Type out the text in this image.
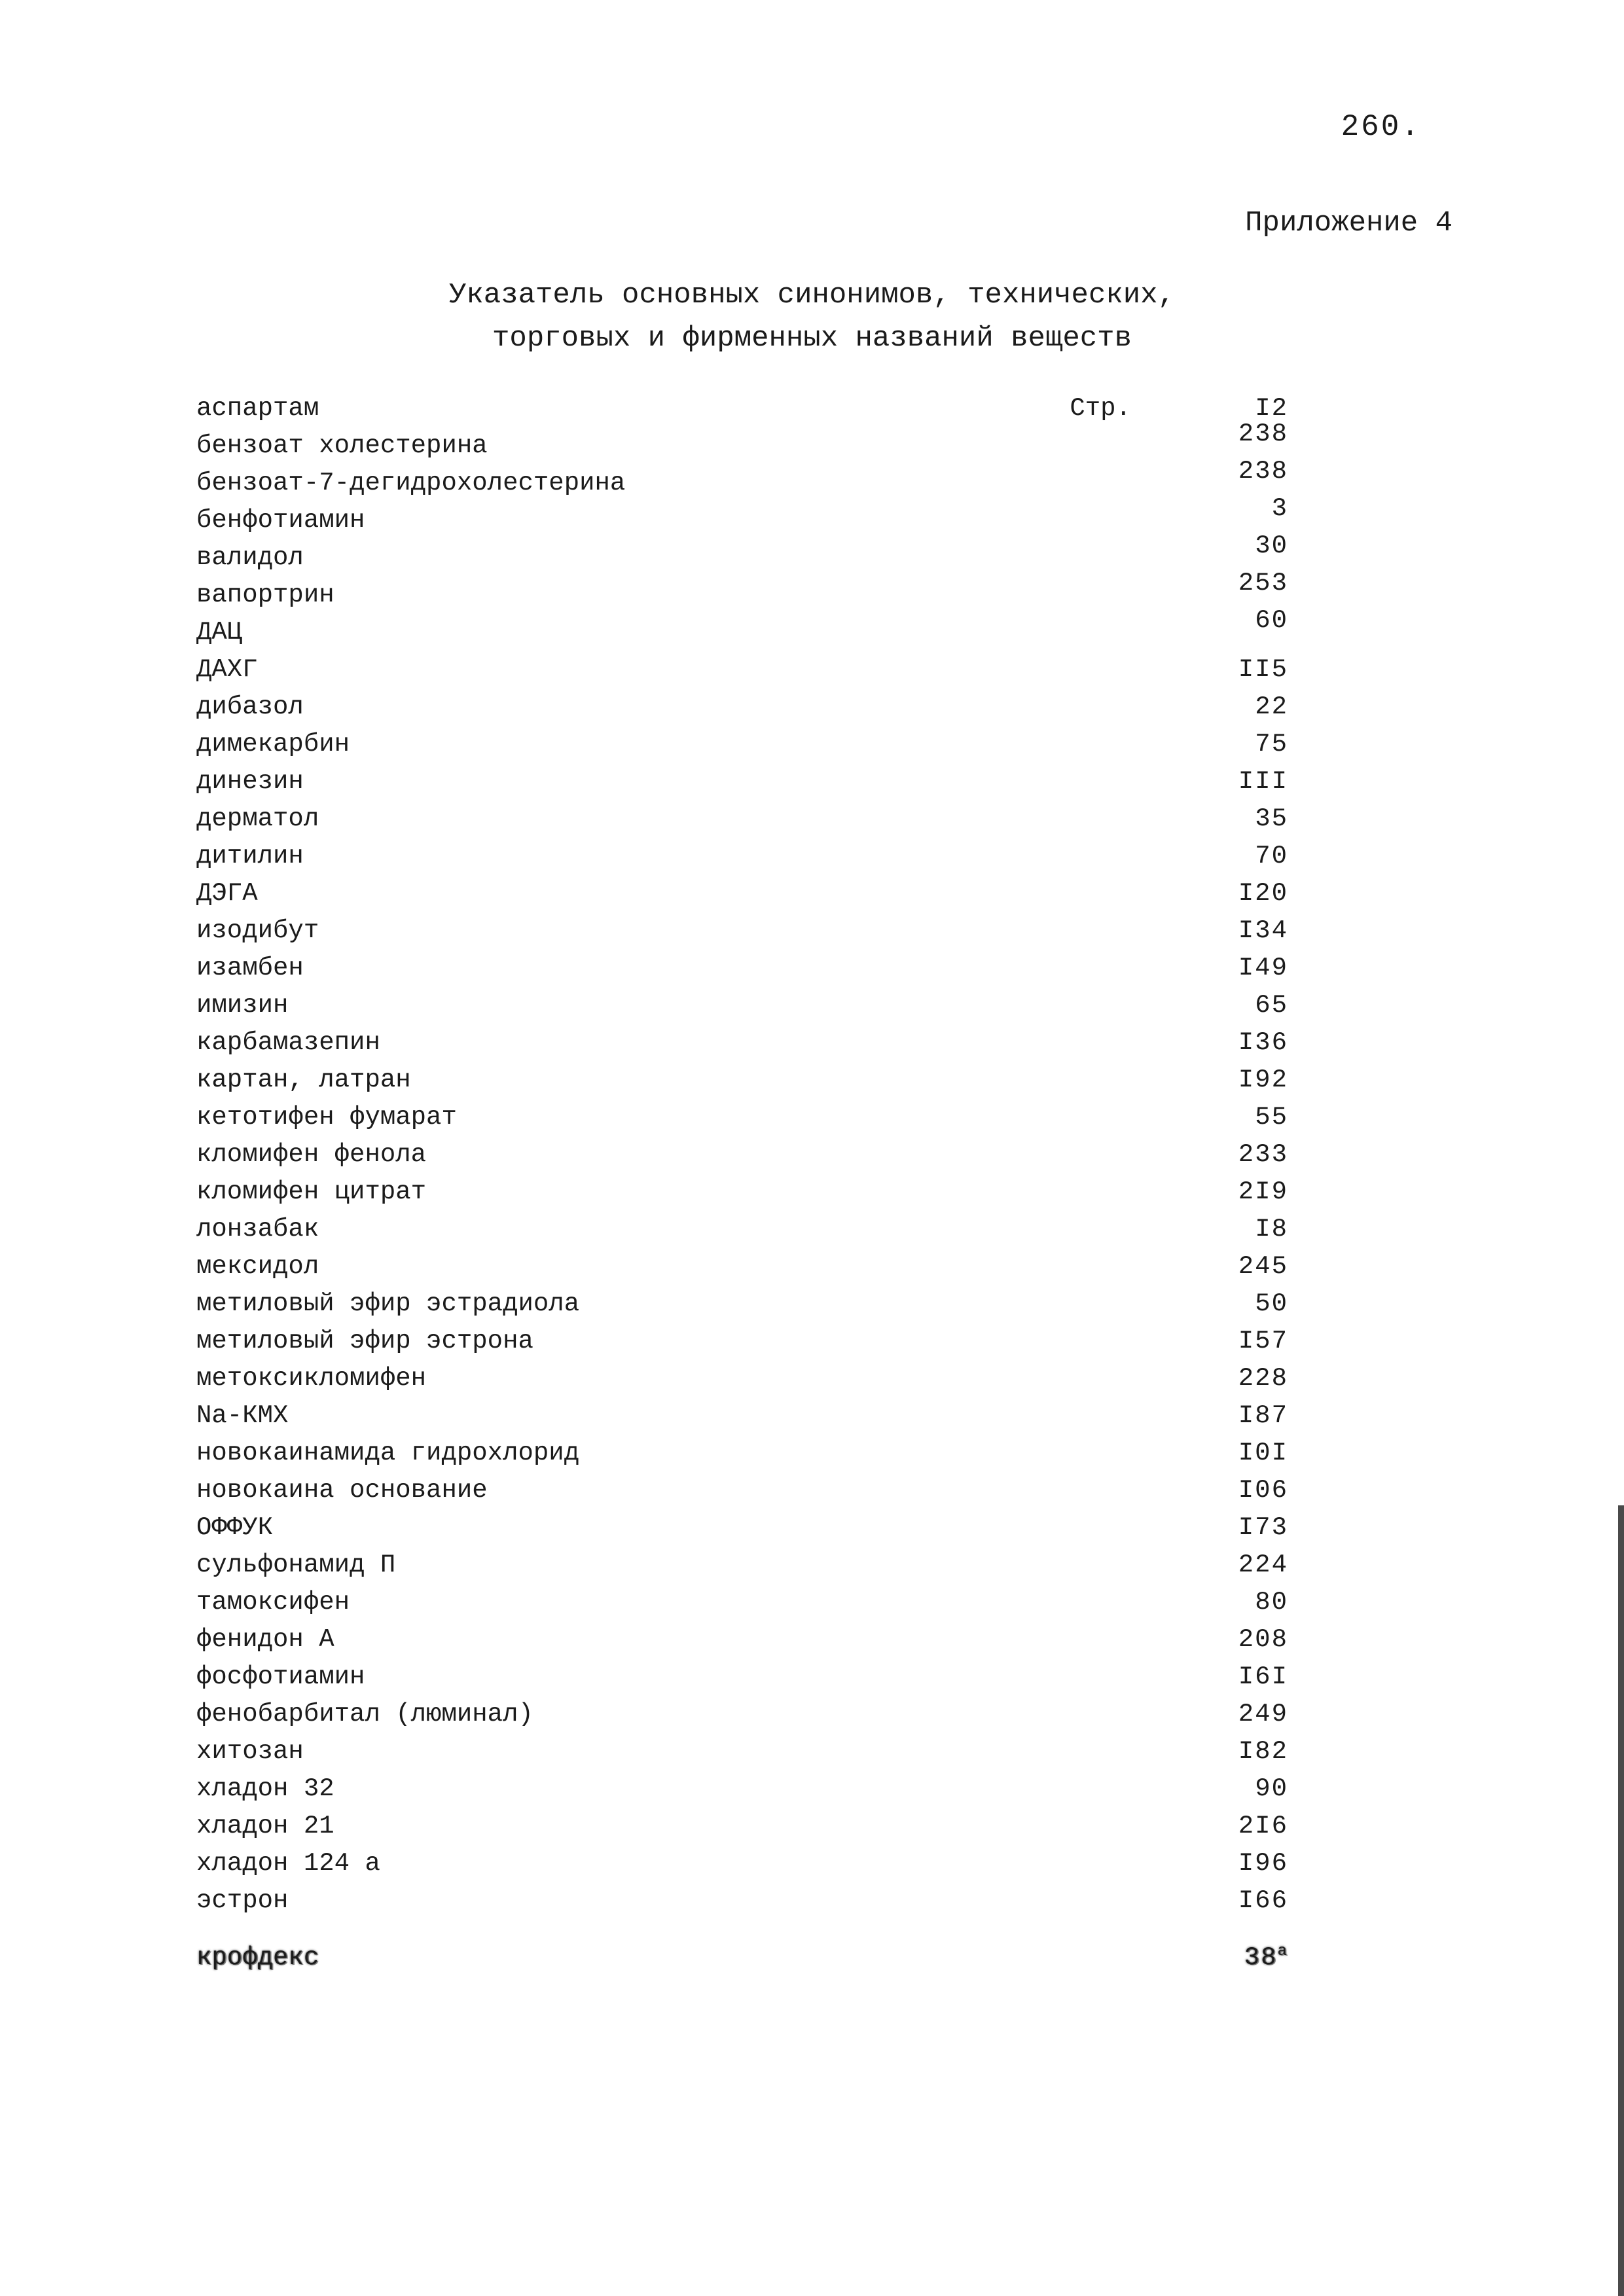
260.
Приложение 4
Указатель основных синонимов, технических,
торговых и фирменных названий веществ
аспартам	Стр.	I2
бензоат холестерина	238
бензоат-7-дегидрохолестерина	238
бенфотиамин	3
валидол	30
вапортрин	253
ДАЦ	60
ДАХГ	II5
дибазол	22
димекарбин	75
динезин	III
дерматол	35
дитилин	70
ДЭГА	I20
изодибут	I34
изамбен	I49
имизин	65
карбамазепин	I36
картан, латран	I92
кетотифен фумарат	55
кломифен фенола	233
кломифен цитрат	2I9
лонзабак	I8
мексидол	245
метиловый эфир эстрадиола	50
метиловый эфир эстрона	I57
метоксикломифен	228
Na-КМХ	I87
новокаинамида гидрохлорид	I0I
новокаина основание	I06
ОФФУК	I73
сульфонамид П	224
тамоксифен	80
фенидон А	208
фосфотиамин	I6I
фенобарбитал (люминал)	249
хитозан	I82
хладон 32	90
хладон 21	2I6
хладон 124 а	I96
эстрон	I66
крофдекс	$38^а$
